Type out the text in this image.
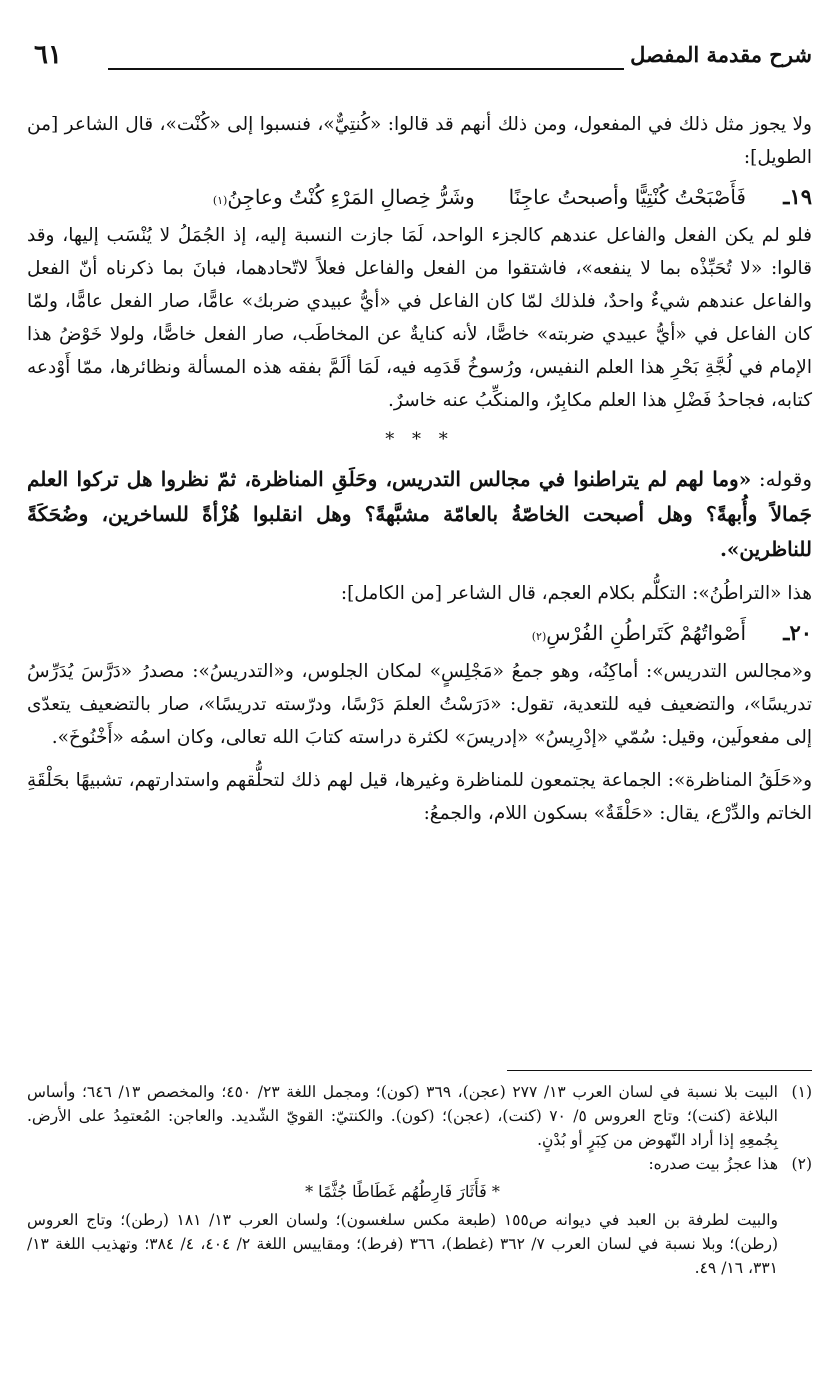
شرح مقدمة المفصل
٦١

ولا يجوز مثل ذلك في المفعول، ومن ذلك أنهم قد قالوا: «كُنتِيٌّ»، فنسبوا إلى «كُنْت»، قال الشاعر [من الطويل]:

١٩ـ
فَأَصْبَحْتُ كُنْتِيًّا وأصبحتُ عاجِنًا
وشَرُّ خِصالِ المَرْءِ كُنْتُ وعاجِنُ
(١)

فلو لم يكن الفعل والفاعل عندهم كالجزء الواحد، لَمَا جازت النسبة إليه، إذ الجُمَلُ لا يُنْسَب إليها، وقد قالوا: «لا تُحَبِّذْه بما لا ينفعه»، فاشتقوا من الفعل والفاعل فعلاً لاتّحادهما، فبانَ بما ذكرناه أنّ الفعل والفاعل عندهم شيءٌ واحدٌ، فلذلك لمّا كان الفاعل في «أيُّ عبيدي ضربك» عامًّا، صار الفعل عامًّا، ولمّا كان الفاعل في «أيُّ عبيدي ضربته» خاصًّا، لأنه كنايةٌ عن المخاطَب، صار الفعل خاصًّا، ولولا خَوْضُ هذا الإمام في لُجَّةِ بَحْرِ هذا العلم النفيس، ورُسوخُ قَدَمِه فيه، لَمَا ألَمَّ بفقه هذه المسألة ونظائرها، ممّا أَوْدعه كتابه، فجاحدُ فَضْلِ هذا العلم مكابِرٌ، والمنكِّبُ عنه خاسرٌ.

* * *

وقوله: «وما لهم لم يتراطنوا في مجالس التدريس، وحَلَقِ المناظرة، ثمّ نظروا هل تركوا العلم جَمالاً وأُبهةً؟ وهل أصبحت الخاصّةُ بالعامّة مشبَّهةً؟ وهل انقلبوا هُزْأةً للساخرين، وضُحَكَةً للناظرين».

هذا «التراطُنُ»: التكلُّم بكلام العجم، قال الشاعر [من الكامل]:

٢٠ـ
أَصْواتُهُمْ كَتَراطُنِ الفُرْسِ
(٢)

و«مجالس التدريس»: أماكِنُه، وهو جمعُ «مَجْلِسٍ» لمكان الجلوس، و«التدريسُ»: مصدرُ «دَرَّسَ يُدَرِّسُ تدريسًا»، والتضعيف فيه للتعدية، تقول: «دَرَسْتُ العلمَ دَرْسًا، ودرّسته تدريسًا»، صار بالتضعيف يتعدّى إلى مفعولَين، وقيل: سُمّي «إدْرِيسُ» «إدريسَ» لكثرة دراسته كتابَ الله تعالى، وكان اسمُه «أَخْنُوخَ».

و«حَلَقُ المناظرة»: الجماعة يجتمعون للمناظرة وغيرها، قيل لهم ذلك لتحلُّقهم واستدارتهم، تشبيهًا بحَلْقَةِ الخاتم والدِّرْع، يقال: «حَلْقَةٌ» بسكون اللام، والجمعُ:

(١)
البيت بلا نسبة في لسان العرب ١٣/ ٢٧٧ (عجن)، ٣٦٩ (كون)؛ ومجمل اللغة ٢٣/ ٤٥٠؛ والمخصص ١٣/ ٦٤٦؛ وأساس البلاغة (كنت)؛ وتاج العروس ٥/ ٧٠ (كنت)، (عجن)؛ (كون). والكنتيّ: القويّ الشّديد. والعاجن: المُعتمِدُ على الأرض. بِجُمعِهِ إذا أراد النّهوض من كِبَرٍ أو بُدْنٍ.
(٢)
هذا عجزُ بيت صدره:
* فَأَثَارَ فَارِطُهُم غَطَاطًا جُثَّمًا *
والبيت لطرفة بن العبد في ديوانه ص١٥٥ (طبعة مكس سلغسون)؛ ولسان العرب ١٣/ ١٨١ (رطن)؛ وتاج العروس (رطن)؛ وبلا نسبة في لسان العرب ٧/ ٣٦٢ (غطط)، ٣٦٦ (فرط)؛ ومقاييس اللغة ٢/ ٤٠٤، ٤/ ٣٨٤؛ وتهذيب اللغة ١٣/ ٣٣١، ١٦/ ٤٩.
